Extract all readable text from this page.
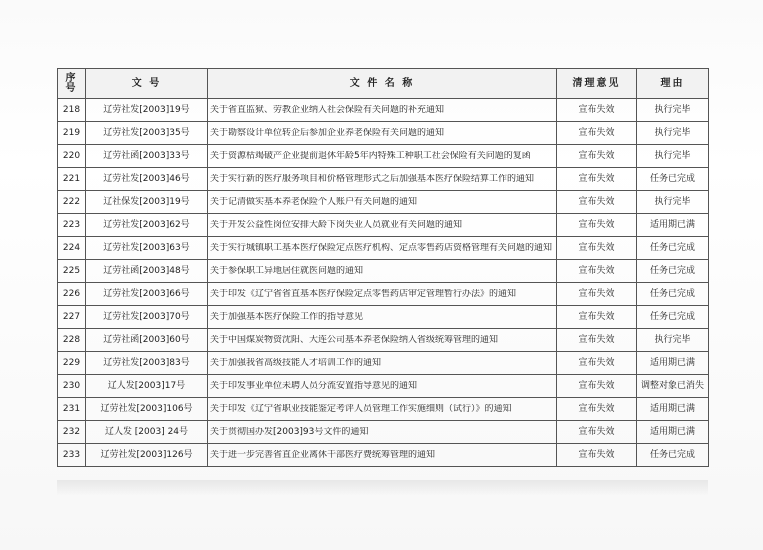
序号	文 号	文 件 名 称	清理意见	理由
218	辽劳社发[2003]19号	关于省直监狱、劳教企业纳入社会保险有关问题的补充通知	宣布失效	执行完毕
219	辽劳社发[2003]35号	关于勘察设计单位转企后参加企业养老保险有关问题的通知	宣布失效	执行完毕
220	辽劳社函[2003]33号	关于资源枯竭破产企业提前退休年龄5年内特殊工种职工社会保险有关问题的复函	宣布失效	执行完毕
221	辽劳社发[2003]46号	关于实行新的医疗服务项目和价格管理形式之后加强基本医疗保险结算工作的通知	宣布失效	任务已完成
222	辽社保发[2003]19号	关于记清做实基本养老保险个人账户有关问题的通知	宣布失效	执行完毕
223	辽劳社发[2003]62号	关于开发公益性岗位安排大龄下岗失业人员就业有关问题的通知	宣布失效	适用期已满
224	辽劳社发[2003]63号	关于实行城镇职工基本医疗保险定点医疗机构、定点零售药店资格管理有关问题的通知	宣布失效	任务已完成
225	辽劳社函[2003]48号	关于参保职工异地居住就医问题的通知	宣布失效	任务已完成
226	辽劳社发[2003]66号	关于印发《辽宁省省直基本医疗保险定点零售药店审定管理暂行办法》的通知	宣布失效	任务已完成
227	辽劳社发[2003]70号	关于加强基本医疗保险工作的指导意见	宣布失效	任务已完成
228	辽劳社函[2003]60号	关于中国煤炭物资沈阳、大连公司基本养老保险纳入省级统筹管理的通知	宣布失效	执行完毕
229	辽劳社发[2003]83号	关于加强我省高级技能人才培训工作的通知	宣布失效	适用期已满
230	辽人发[2003]17号	关于印发事业单位未聘人员分流安置指导意见的通知	宣布失效	调整对象已消失
231	辽劳社发[2003]106号	关于印发《辽宁省职业技能鉴定考评人员管理工作实施细则（试行）》的通知	宣布失效	适用期已满
232	辽人发 [2003] 24号	关于贯彻国办发[2003]93号文件的通知	宣布失效	适用期已满
233	辽劳社发[2003]126号	关于进一步完善省直企业离休干部医疗费统筹管理的通知	宣布失效	任务已完成
